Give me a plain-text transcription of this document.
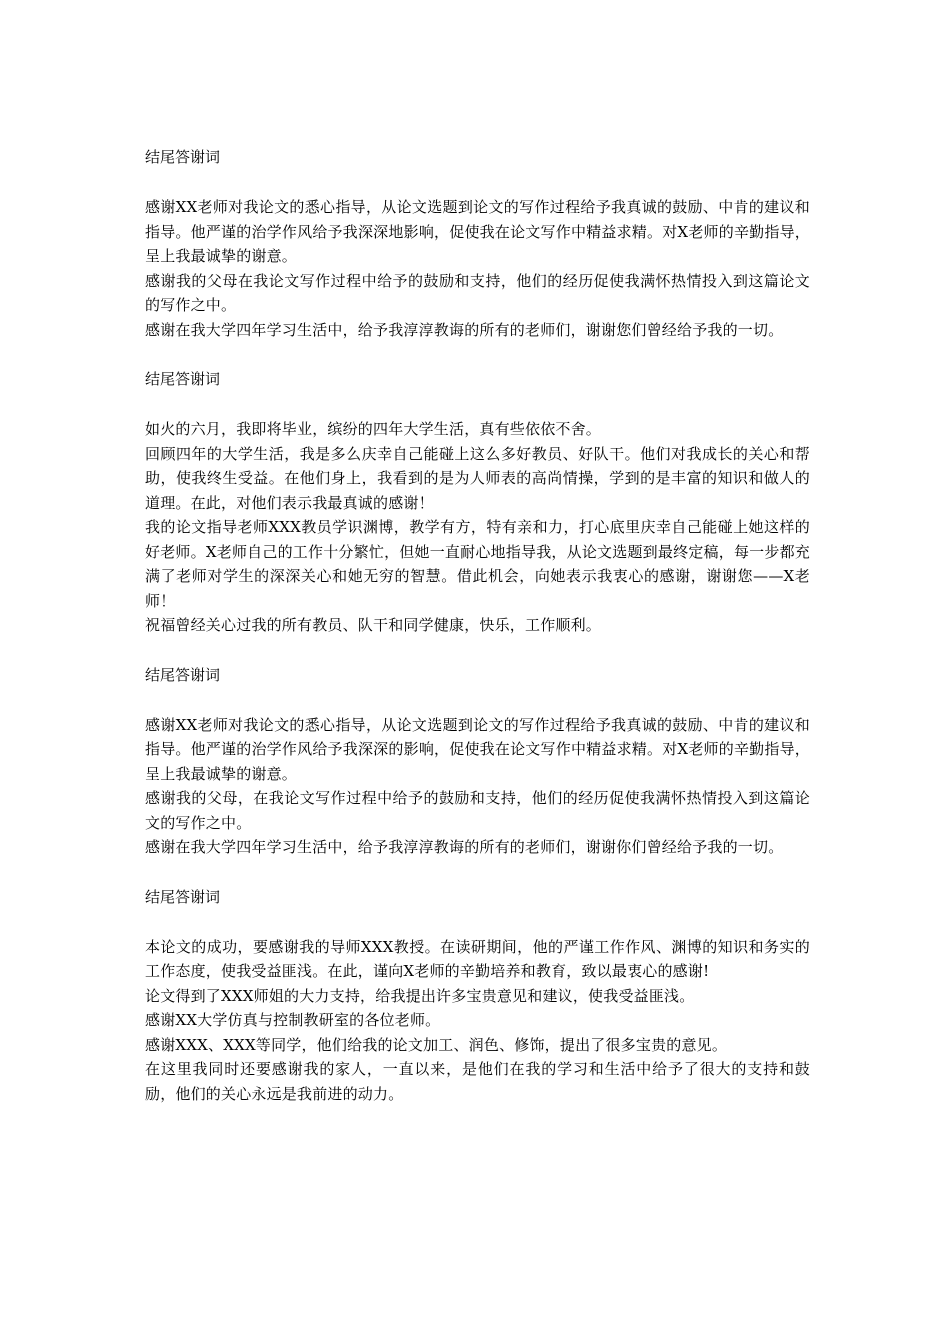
结尾答谢词

感谢XX老师对我论文的悉心指导，从论文选题到论文的写作过程给予我真诚的鼓励、中肯的建议和指导。他严谨的治学作风给予我深深地影响，促使我在论文写作中精益求精。对X老师的辛勤指导，呈上我最诚挚的谢意。

感谢我的父母在我论文写作过程中给予的鼓励和支持，他们的经历促使我满怀热情投入到这篇论文的写作之中。

感谢在我大学四年学习生活中，给予我淳淳教诲的所有的老师们，谢谢您们曾经给予我的一切。

结尾答谢词

如火的六月，我即将毕业，缤纷的四年大学生活，真有些依依不舍。

回顾四年的大学生活，我是多么庆幸自己能碰上这么多好教员、好队干。他们对我成长的关心和帮助，使我终生受益。在他们身上，我看到的是为人师表的高尚情操，学到的是丰富的知识和做人的道理。在此，对他们表示我最真诚的感谢！

我的论文指导老师XXX教员学识渊博，教学有方，特有亲和力，打心底里庆幸自己能碰上她这样的好老师。X老师自己的工作十分繁忙，但她一直耐心地指导我，从论文选题到最终定稿，每一步都充满了老师对学生的深深关心和她无穷的智慧。借此机会，向她表示我衷心的感谢，谢谢您——X老师！

祝福曾经关心过我的所有教员、队干和同学健康，快乐，工作顺利。

结尾答谢词

感谢XX老师对我论文的悉心指导，从论文选题到论文的写作过程给予我真诚的鼓励、中肯的建议和指导。他严谨的治学作风给予我深深的影响，促使我在论文写作中精益求精。对X老师的辛勤指导，呈上我最诚挚的谢意。

感谢我的父母，在我论文写作过程中给予的鼓励和支持，他们的经历促使我满怀热情投入到这篇论文的写作之中。

感谢在我大学四年学习生活中，给予我淳淳教诲的所有的老师们，谢谢你们曾经给予我的一切。

结尾答谢词

本论文的成功，要感谢我的导师XXX教授。在读研期间，他的严谨工作作风、渊博的知识和务实的工作态度，使我受益匪浅。在此，谨向X老师的辛勤培养和教育，致以最衷心的感谢!

论文得到了XXX师姐的大力支持，给我提出许多宝贵意见和建议，使我受益匪浅。

感谢XX大学仿真与控制教研室的各位老师。

感谢XXX、XXX等同学，他们给我的论文加工、润色、修饰，提出了很多宝贵的意见。

在这里我同时还要感谢我的家人，一直以来，是他们在我的学习和生活中给予了很大的支持和鼓励，他们的关心永远是我前进的动力。
